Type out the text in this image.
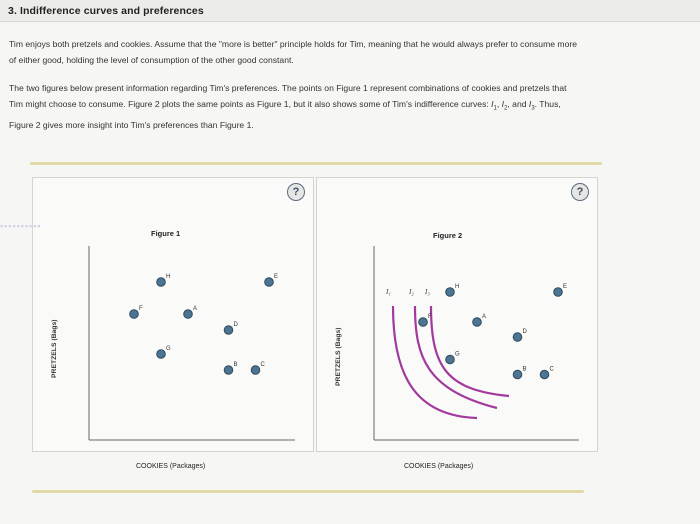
3. Indifference curves and preferences
Tim enjoys both pretzels and cookies. Assume that the "more is better" principle holds for Tim, meaning that he would always prefer to consume more
of either good, holding the level of consumption of the other good constant.
The two figures below present information regarding Tim's preferences. The points on Figure 1 represent combinations of cookies and pretzels that
Tim might choose to consume. Figure 2 plots the same points as Figure 1, but it also shows some of Tim's indifference curves: $I_1$, $I_2$, and $I_3$. Thus,
Figure 2 gives more insight into Tim's preferences than Figure 1.
?
Figure 1
PRETZELS (Bags)
COOKIES (Packages)
H	E
F	A
D
G
B	C
••••••••••
?
Figure 2
PRETZELS (Bags)
COOKIES (Packages)
I₁	I₂ I₃
H	E
F	A
D
G
B	C
